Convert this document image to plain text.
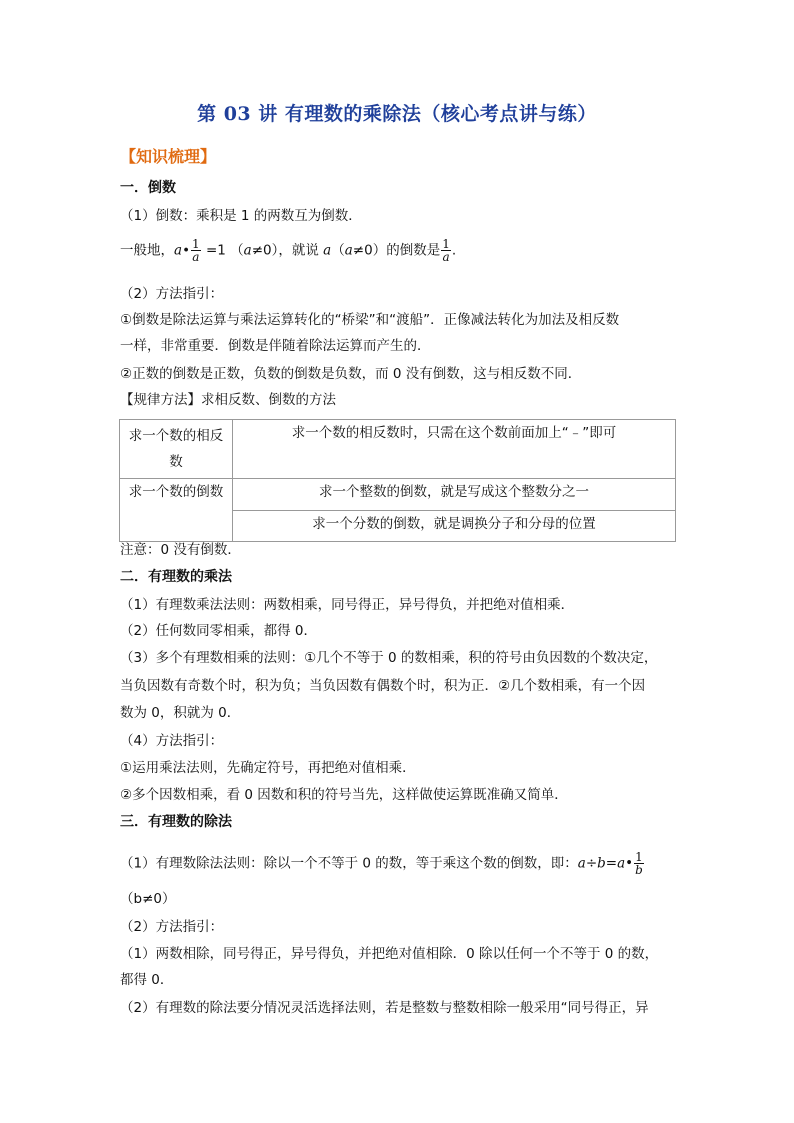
第 03 讲 有理数的乘除法（核心考点讲与练）
【知识梳理】
一．倒数
（1）倒数：乘积是 1 的两数互为倒数．
一般地，a• $\frac{1}{a} =1$ （a≠0），就说 a（a≠0）的倒数是 $\frac{1}{a}$ .
（2）方法指引：
①倒数是除法运算与乘法运算转化的“桥梁”和“渡船”．正像减法转化为加法及相反数
一样，非常重要．倒数是伴随着除法运算而产生的．
②正数的倒数是正数，负数的倒数是负数，而 0 没有倒数，这与相反数不同．
【规律方法】求相反数、倒数的方法
求一个数的相反
数	求一个数的相反数时，只需在这个数前面加上“﹣”即可

求一个数的倒数	求一个整数的倒数，就是写成这个整数分之一

	求一个分数的倒数，就是调换分子和分母的位置
注意：0 没有倒数．
二．有理数的乘法
（1）有理数乘法法则：两数相乘，同号得正，异号得负，并把绝对值相乘．
（2）任何数同零相乘，都得 0．
（3）多个有理数相乘的法则：①几个不等于 0 的数相乘，积的符号由负因数的个数决定，
当负因数有奇数个时，积为负；当负因数有偶数个时，积为正．②几个数相乘，有一个因
数为 0，积就为 0．
（4）方法指引：
①运用乘法法则，先确定符号，再把绝对值相乘．
②多个因数相乘，看 0 因数和积的符号当先，这样做使运算既准确又简单．
三．有理数的除法
（1）有理数除法法则：除以一个不等于 0 的数，等于乘这个数的倒数，即：a÷b=a• $\frac{1}{b}$
（b≠0）
（2）方法指引：
（1）两数相除，同号得正，异号得负，并把绝对值相除．0 除以任何一个不等于 0 的数，
都得 0．
（2）有理数的除法要分情况灵活选择法则，若是整数与整数相除一般采用“同号得正，异
